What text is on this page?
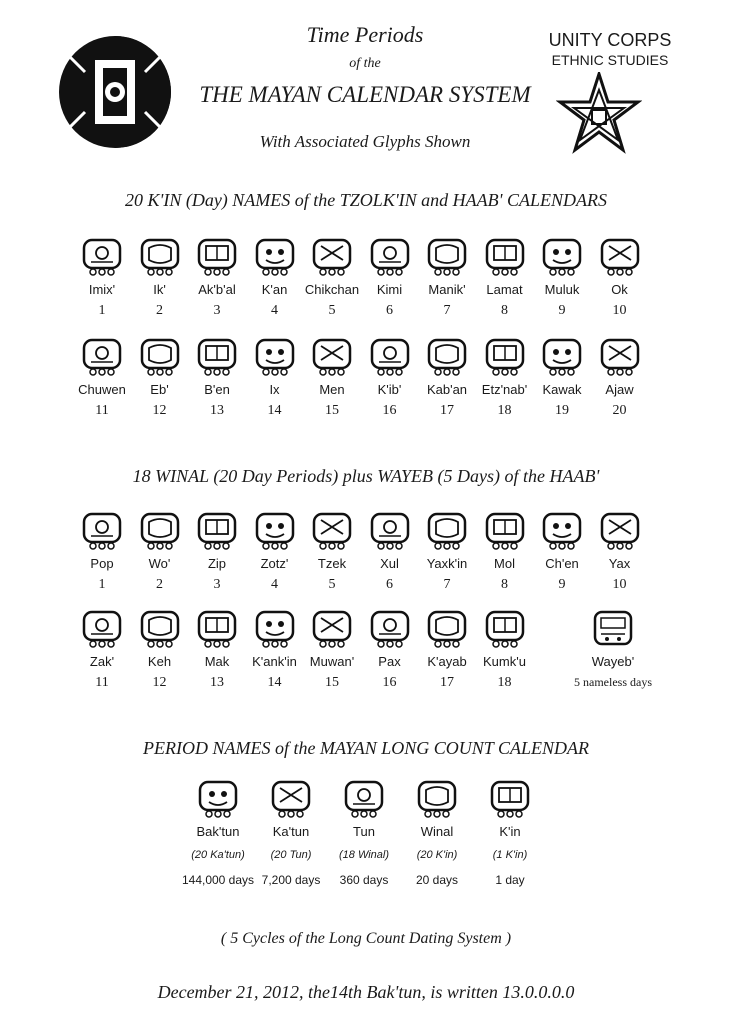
Time Periods
of the
THE MAYAN CALENDAR SYSTEM
With Associated Glyphs Shown
UNITY CORPS
ETHNIC STUDIES
20 K'IN (Day) NAMES of the TZOLK'IN and HAAB' CALENDARS
Imix'
1
Ik'
2
Ak'b'al
3
K'an
4
Chikchan
5
Kimi
6
Manik'
7
Lamat
8
Muluk
9
Ok
10
Chuwen
11
Eb'
12
B'en
13
Ix
14
Men
15
K'ib'
16
Kab'an
17
Etz'nab'
18
Kawak
19
Ajaw
20
18 WINAL (20 Day Periods) plus WAYEB (5 Days) of the HAAB'
Pop
1
Wo'
2
Zip
3
Zotz'
4
Tzek
5
Xul
6
Yaxk'in
7
Mol
8
Ch'en
9
Yax
10
Zak'
11
Keh
12
Mak
13
K'ank'in
14
Muwan'
15
Pax
16
K'ayab
17
Kumk'u
18
Wayeb'
5 nameless days
PERIOD NAMES of the MAYAN LONG COUNT CALENDAR
Bak'tun
(20 Ka'tun)
144,000 days
Ka'tun
(20 Tun)
7,200 days
Tun
(18 Winal)
360 days
Winal
(20 K'in)
20 days
K'in
(1 K'in)
1 day
( 5 Cycles of the Long Count Dating System )
December 21, 2012, the14th Bak'tun, is written 13.0.0.0.0
